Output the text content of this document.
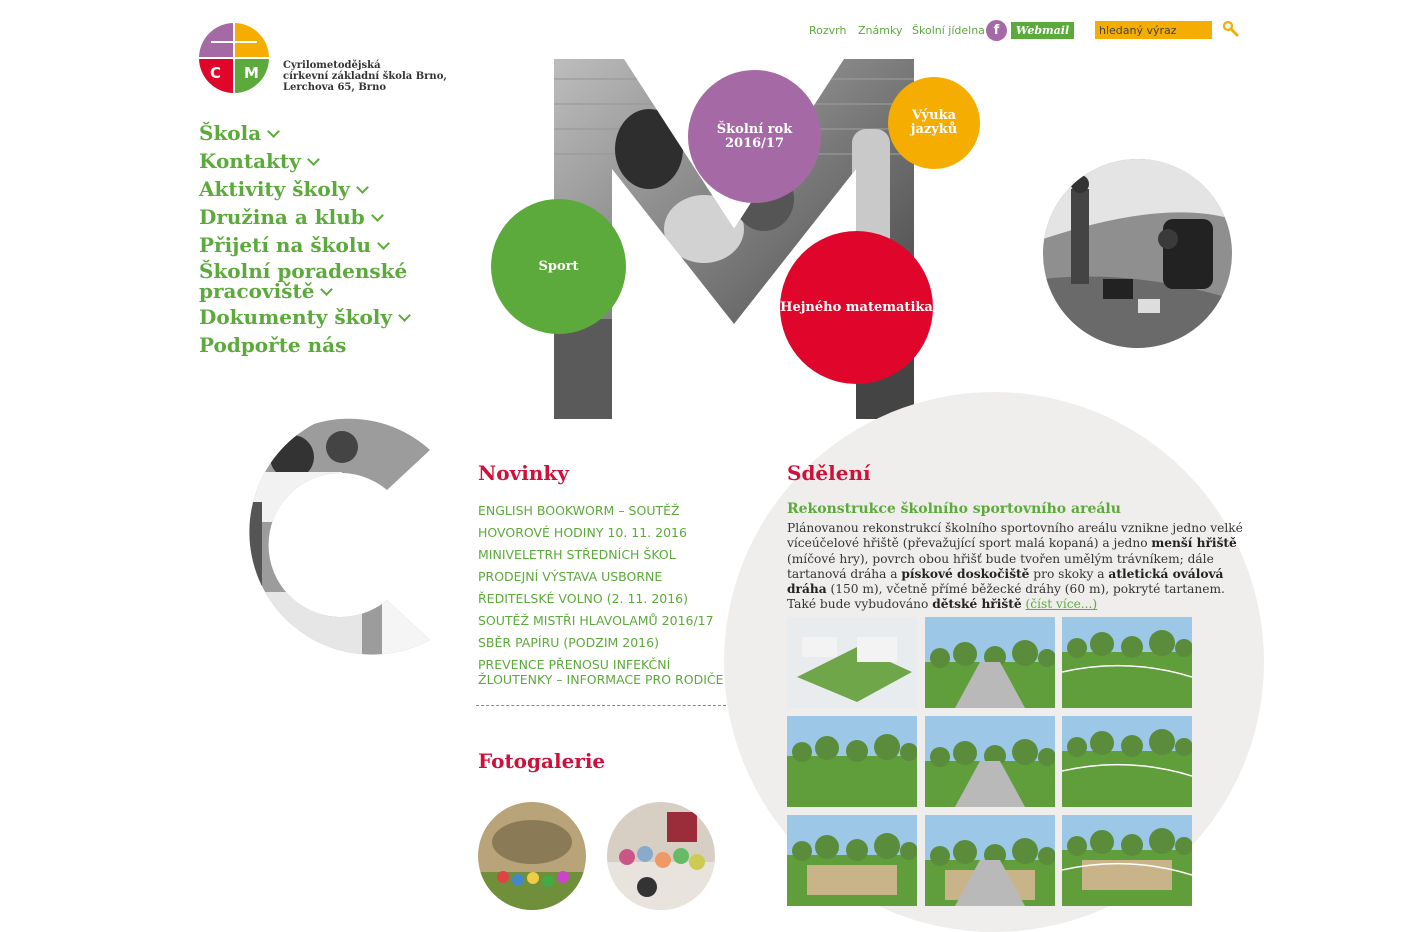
C M Cyrilometodějská
církevní základní škola Brno,
Lerchova 65, Brno
Rozvrh Známky Školní jídelna f	Webmail
hledaný výraz
Škola
Kontakty
Aktivity školy
Družina a klub
Přijetí na školu
Školní poradenské pracoviště
Dokumenty školy
Podpořte nás
Školní rok 2016/17
Výuka jazyků
Sport
Hejného matematika
Novinky
ENGLISH BOOKWORM – SOUTĚŽ
HOVOROVÉ HODINY 10. 11. 2016
MINIVELETRH STŘEDNÍCH ŠKOL
PRODEJNÍ VÝSTAVA USBORNE
ŘEDITELSKÉ VOLNO (2. 11. 2016)
SOUTĚŽ MISTŘI HLAVOLAMŮ 2016/17
SBĚR PAPÍRU (PODZIM 2016)
PREVENCE PŘENOSU INFEKČNÍ ŽLOUTENKY – INFORMACE PRO RODIČE
Fotogalerie
Sdělení
Rekonstrukce školního sportovního areálu
Plánovanou rekonstrukcí školního sportovního areálu vznikne jedno velké víceúčelové hřiště (převažující sport malá kopaná) a jedno menší hřiště (míčové hry), povrch obou hřišť bude tvořen umělým trávníkem; dále tartanová dráha a pískové doskočiště pro skoky a atletická oválová dráha (150 m), včetně přímé běžecké dráhy (60 m), pokryté tartanem. Také bude vybudováno dětské hřiště (číst více...)
